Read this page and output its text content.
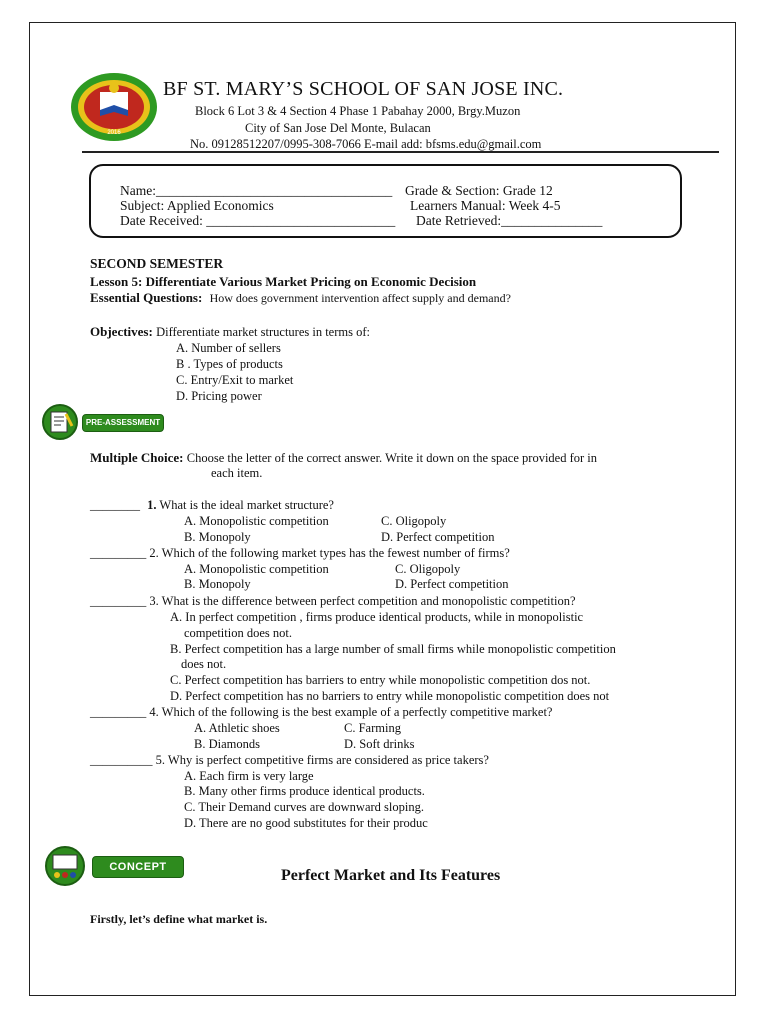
2016
BF ST. MARY’S SCHOOL OF SAN JOSE INC.
Block 6 Lot 3 & 4 Section 4 Phase 1 Pabahay 2000, Brgy.Muzon
City of San Jose Del Monte, Bulacan
No. 09128512207/0995-308-7066 E-mail add: bfsms.edu@gmail.com
Name:___________________________________ Grade & Section: Grade 12
Subject: Applied Economics	Learners Manual: Week 4-5
Date Received: ____________________________ Date Retrieved:_______________
SECOND SEMESTER
Lesson 5: Differentiate Various Market Pricing on Economic Decision
Essential Questions: How does government intervention affect supply and demand?
Objectives: Differentiate market structures in terms of:
A. Number of sellers
B . Types of products
C. Entry/Exit to market
D. Pricing power
PRE-ASSESSMENT
Multiple Choice: Choose the letter of the correct answer. Write it down on the space provided for in
each item.
________ 1. What is the ideal market structure?
A. Monopolistic competition	C. Oligopoly
B. Monopoly	D. Perfect competition
_________ 2. Which of the following market types has the fewest number of firms?
A. Monopolistic competition	C. Oligopoly
B. Monopoly	D. Perfect competition
_________ 3. What is the difference between perfect competition and monopolistic competition?
A. In perfect competition , firms produce identical products, while in monopolistic
competition does not.
B. Perfect competition has a large number of small firms while monopolistic competition
does not.
C. Perfect competition has barriers to entry while monopolistic competition dos not.
D. Perfect competition has no barriers to entry while monopolistic competition does not
_________ 4. Which of the following is the best example of a perfectly competitive market?
A. Athletic shoes	C. Farming
B. Diamonds	D. Soft drinks
__________ 5. Why is perfect competitive firms are considered as price takers?
A. Each firm is very large
B. Many other firms produce identical products.
C. Their Demand curves are downward sloping.
D. There are no good substitutes for their produc
CONCEPT	Perfect Market and Its Features
Firstly, let’s define what market is.
